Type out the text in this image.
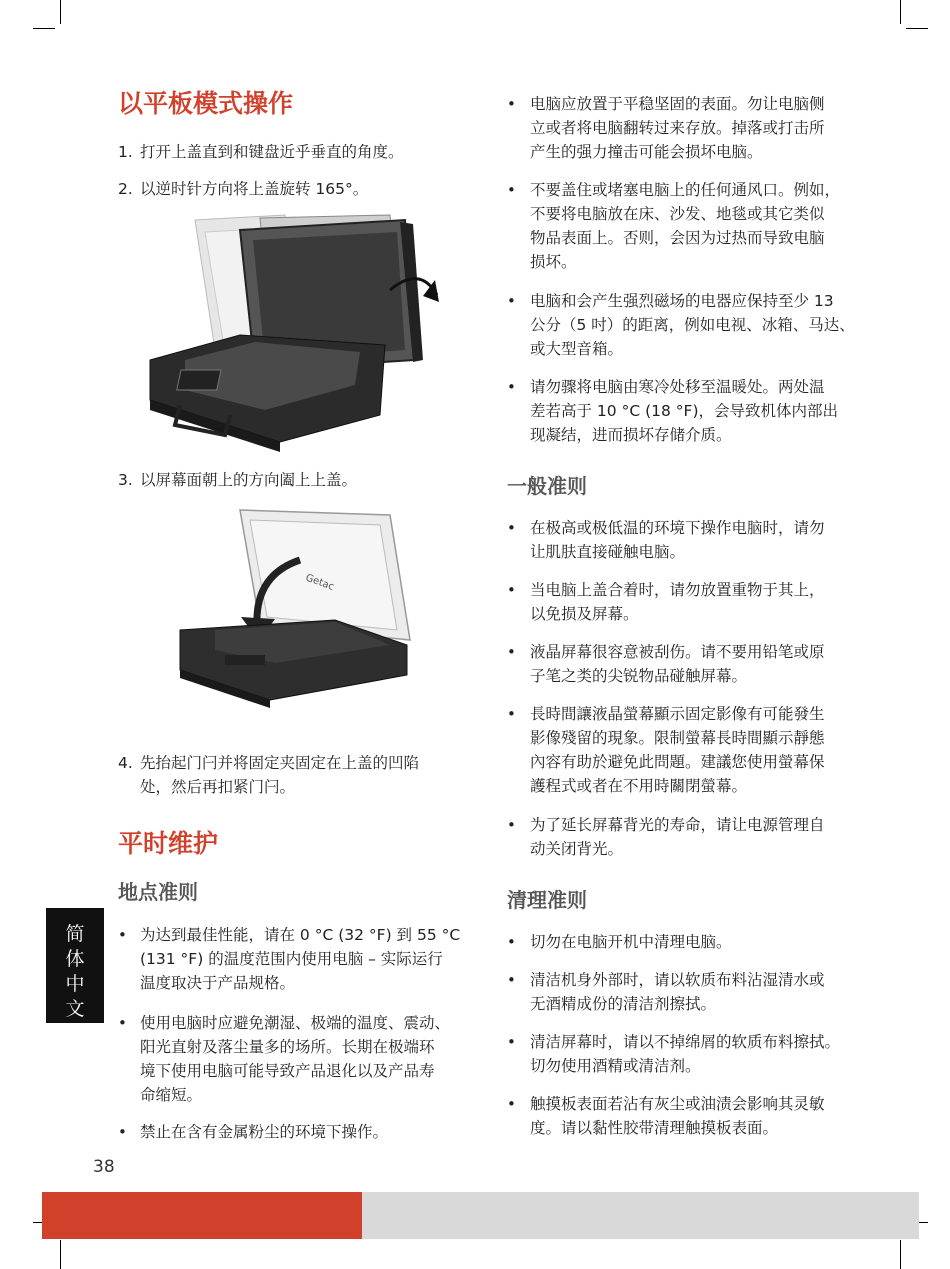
以平板模式操作
1. 打开上盖直到和键盘近乎垂直的角度。
2. 以逆时针方向将上盖旋转 165°。
3. 以屏幕面朝上的方向阖上上盖。
Getac
4. 先抬起门闩并将固定夹固定在上盖的凹陷
处，然后再扣紧门闩。
平时维护
地点准则
• 为达到最佳性能，请在 0 °C (32 °F) 到 55 °C
(131 °F) 的温度范围内使用电脑 – 实际运行
温度取决于产品规格。
• 使用电脑时应避免潮湿、极端的温度、震动、
阳光直射及落尘量多的场所。长期在极端环
境下使用电脑可能导致产品退化以及产品寿
命缩短。
• 禁止在含有金属粉尘的环境下操作。
• 电脑应放置于平稳坚固的表面。勿让电脑侧
立或者将电脑翻转过来存放。掉落或打击所
产生的强力撞击可能会损坏电脑。
• 不要盖住或堵塞电脑上的任何通风口。例如，
不要将电脑放在床、沙发、地毯或其它类似
物品表面上。否则，会因为过热而导致电脑
损坏。
• 电脑和会产生强烈磁场的电器应保持至少 13
公分（5 吋）的距离，例如电视、冰箱、马达、
或大型音箱。
• 请勿骤将电脑由寒冷处移至温暖处。两处温
差若高于 10 °C (18 °F)，会导致机体内部出
现凝结，进而损坏存储介质。
一般准则
• 在极高或极低温的环境下操作电脑时，请勿
让肌肤直接碰触电脑。
• 当电脑上盖合着时，请勿放置重物于其上，
以免损及屏幕。
• 液晶屏幕很容意被刮伤。请不要用铅笔或原
子笔之类的尖锐物品碰触屏幕。
• 長時間讓液晶螢幕顯示固定影像有可能發生
影像殘留的現象。限制螢幕長時間顯示靜態
內容有助於避免此問題。建議您使用螢幕保
護程式或者在不用時關閉螢幕。
• 为了延长屏幕背光的寿命，请让电源管理自
动关闭背光。
清理准则
• 切勿在电脑开机中清理电脑。
• 清洁机身外部时，请以软质布料沾湿清水或
无酒精成份的清洁剂擦拭。
• 清洁屏幕时，请以不掉绵屑的软质布料擦拭。
切勿使用酒精或清洁剂。
• 触摸板表面若沾有灰尘或油渍会影响其灵敏
度。请以黏性胶带清理触摸板表面。
简
体
中
文
38
